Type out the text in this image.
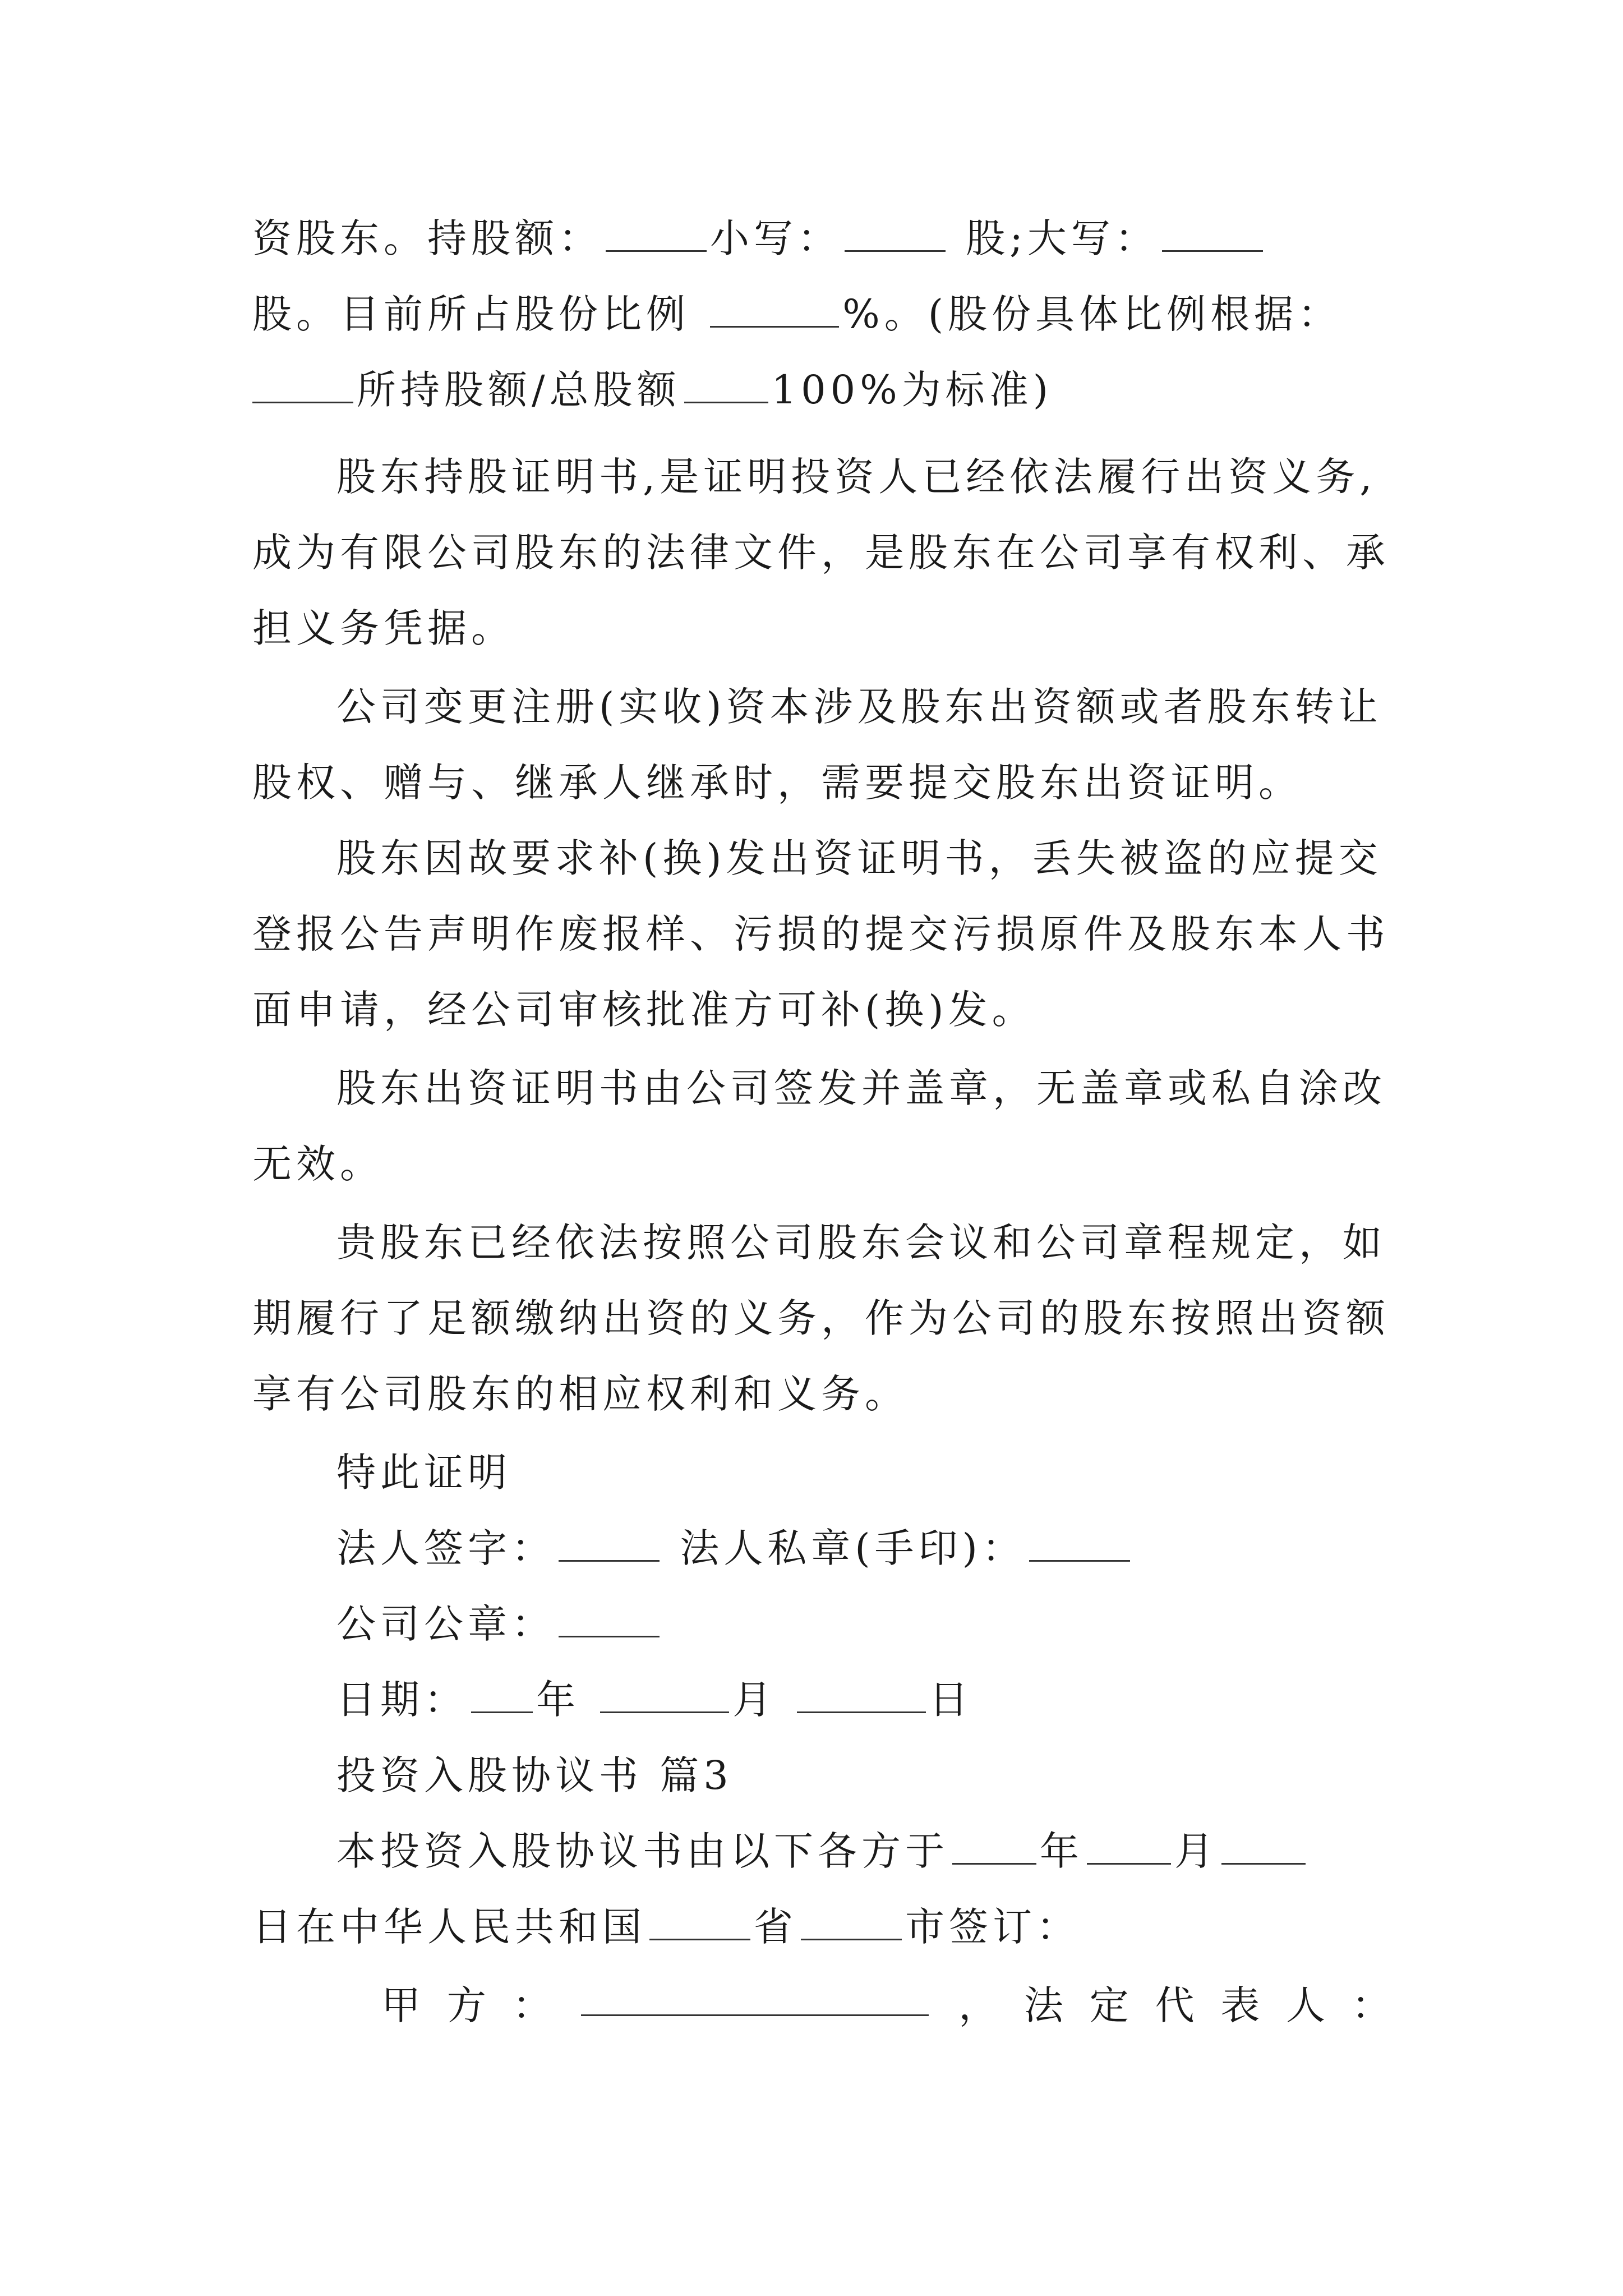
资股东。持股额：	小写：	股;大写：
股。目前所占股份比例	%。(股份具体比例根据：
所持股额/总股额 100%为标准)
股东持股证明书,是证明投资人已经依法履行出资义务,
成为有限公司股东的法律文件，是股东在公司享有权利、承
担义务凭据。
公司变更注册(实收)资本涉及股东出资额或者股东转让
股权、赠与、继承人继承时，需要提交股东出资证明。
股东因故要求补(换)发出资证明书，丢失被盗的应提交
登报公告声明作废报样、污损的提交污损原件及股东本人书
面申请，经公司审核批准方可补(换)发。
股东出资证明书由公司签发并盖章，无盖章或私自涂改
无效。
贵股东已经依法按照公司股东会议和公司章程规定，如
期履行了足额缴纳出资的义务，作为公司的股东按照出资额
享有公司股东的相应权利和义务。
特此证明
法人签字：	法人私章(手印)：
公司公章：
日期： 年	月	日
投资入股协议书 篇3
本投资入股协议书由以下各方于 年 月
日在中华人民共和国	省	市签订：
甲 方 ：	， 法 定 代 表 人 ：
